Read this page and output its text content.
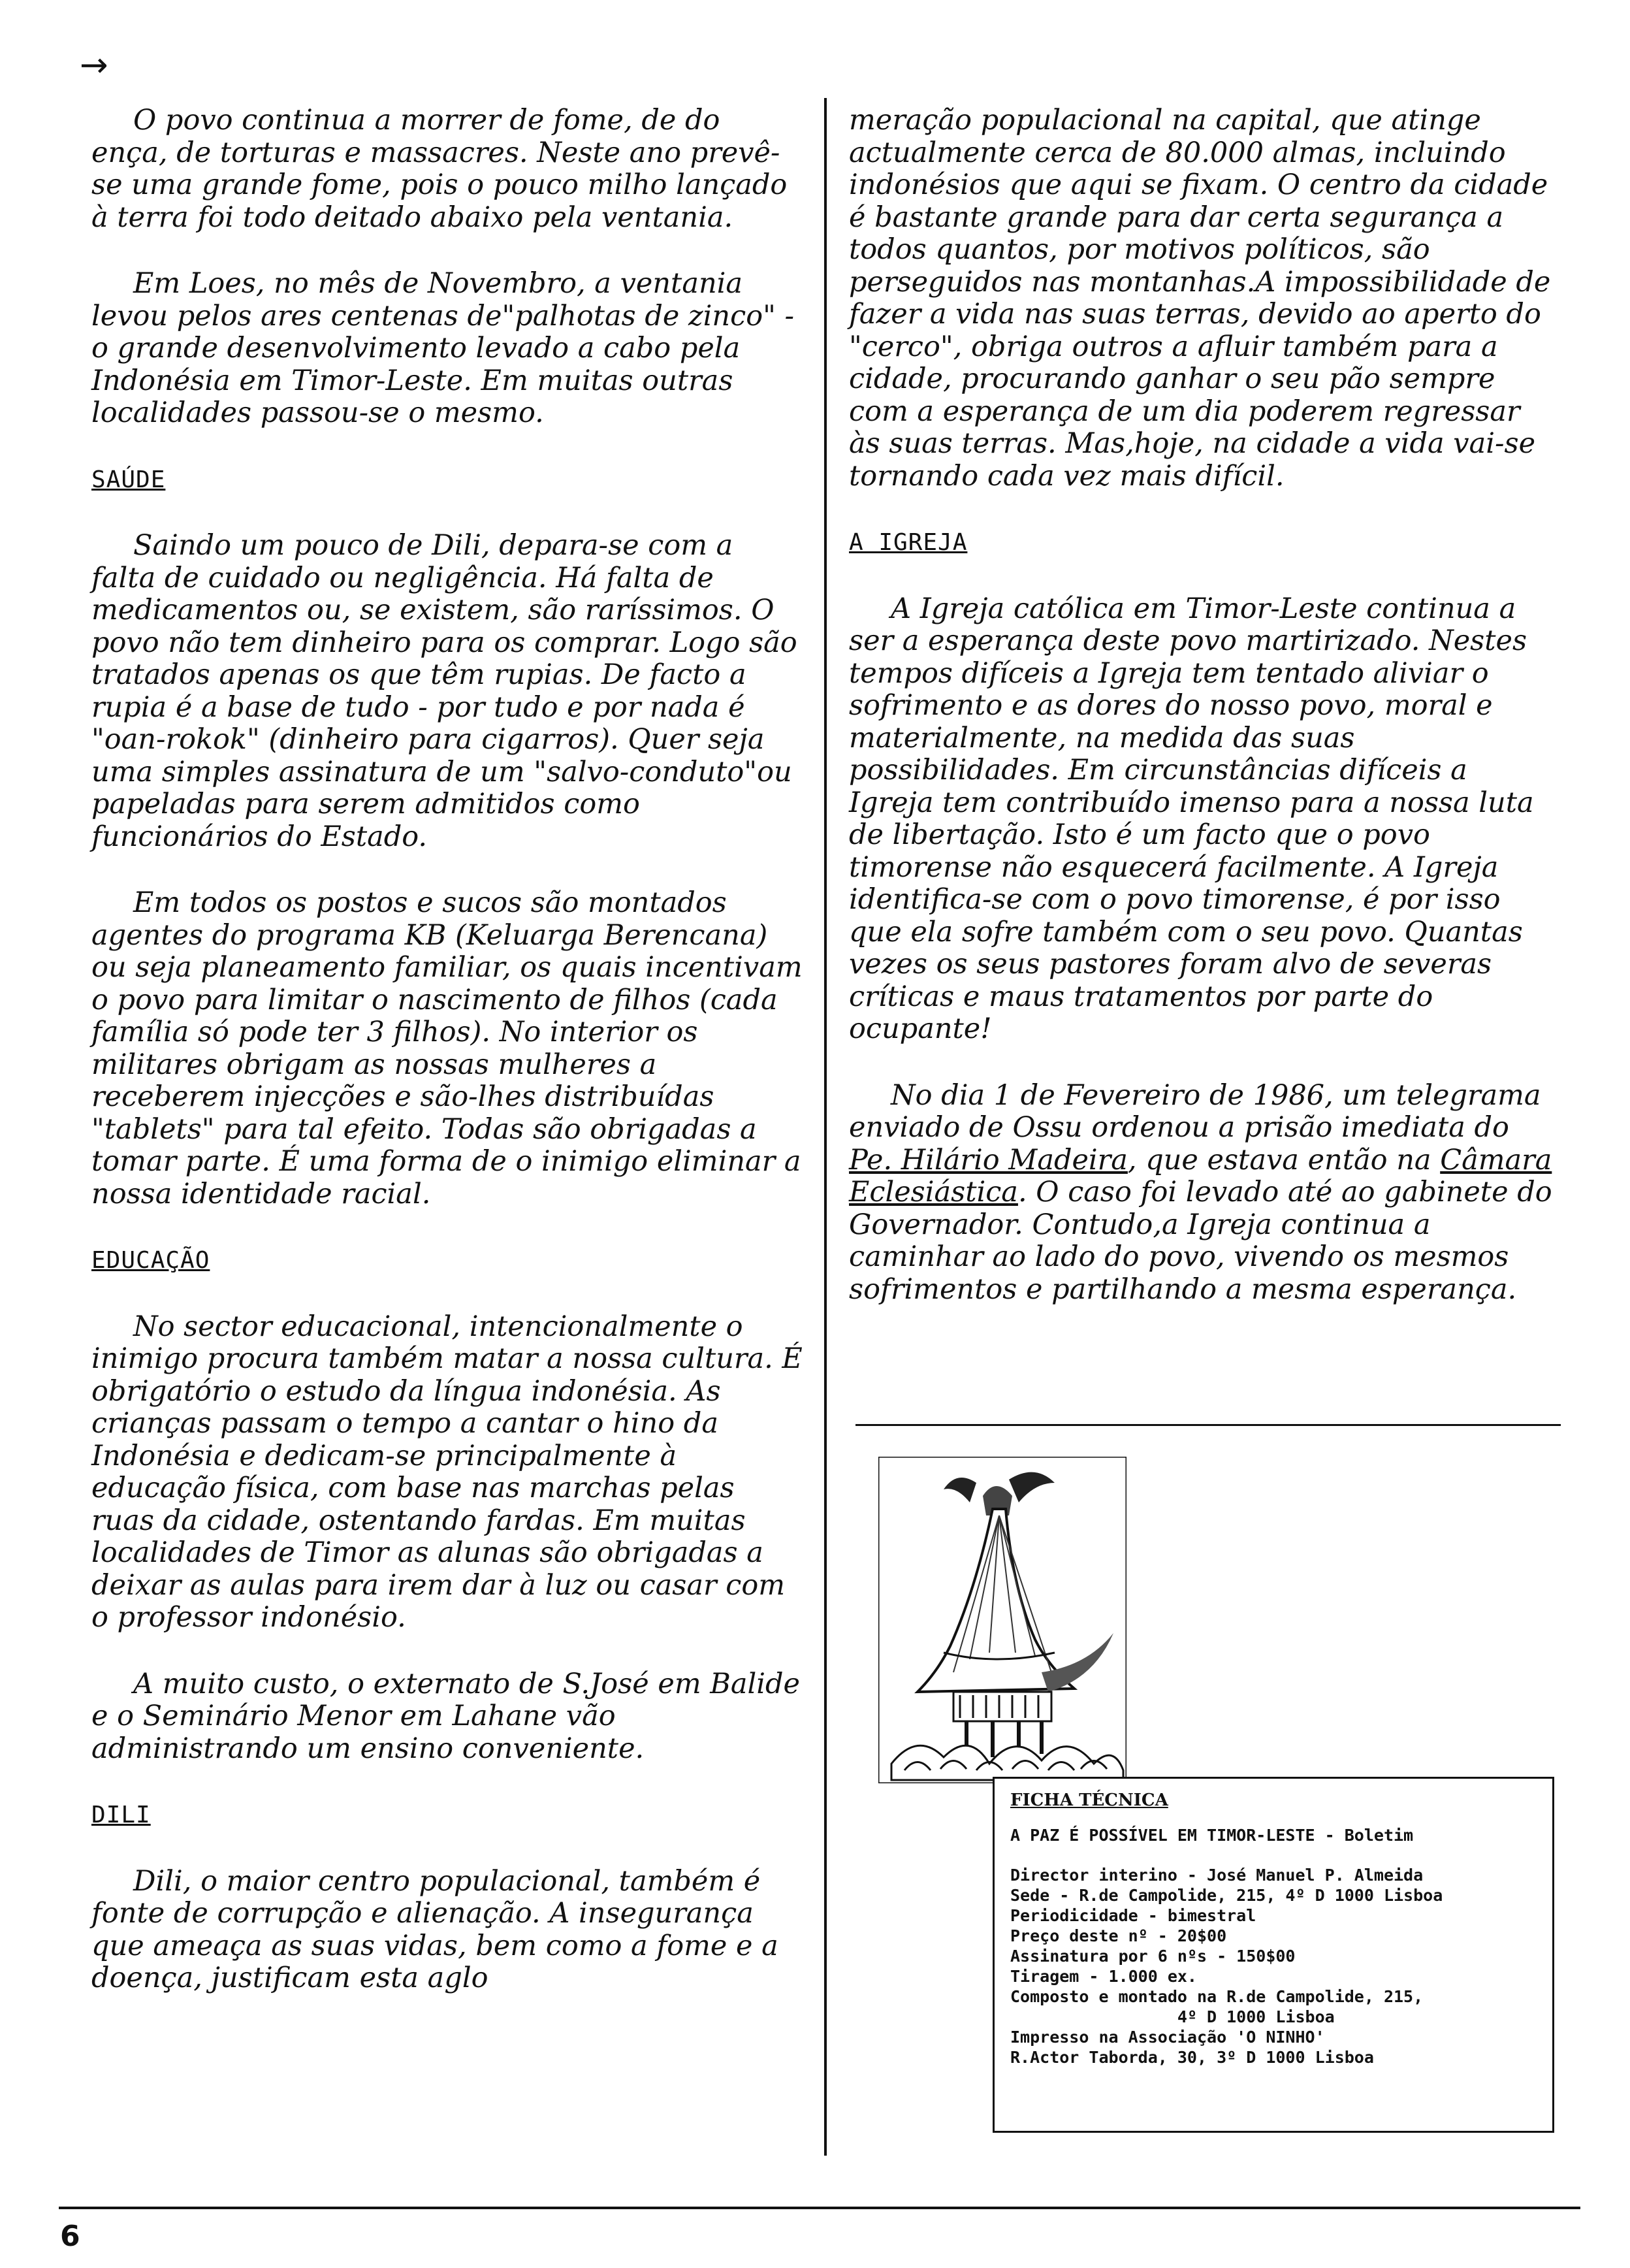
→

O povo continua a morrer de fome, de do ença, de torturas e massacres. Neste ano prevê-se uma grande fome, pois o pouco milho lançado à terra foi todo deitado abaixo pela ventania.

Em Loes, no mês de Novembro, a ventania levou pelos ares centenas de"palhotas de zinco" - o grande desenvolvimento levado a cabo pela Indonésia em Timor-Leste. Em muitas outras localidades passou-se o mesmo.

SAÚDE

Saindo um pouco de Dili, depara-se com a falta de cuidado ou negligência. Há falta de medicamentos ou, se existem, são raríssimos. O povo não tem dinheiro para os comprar. Logo são tratados apenas os que têm rupias. De facto a rupia é a base de tudo - por tudo e por nada é "oan-rokok" (dinheiro para cigarros). Quer seja uma simples assinatura de um "salvo-conduto"ou papeladas para serem admitidos como funcionários do Estado.

Em todos os postos e sucos são montados agentes do programa KB (Keluarga Berencana) ou seja planeamento familiar, os quais incentivam o povo para limitar o nascimento de filhos (cada família só pode ter 3 filhos). No interior os militares obrigam as nossas mulheres a receberem injecções e são-lhes distribuídas "tablets" para tal efeito. Todas são obrigadas a tomar parte. É uma forma de o inimigo eliminar a nossa identidade racial.

EDUCAÇÃO

No sector educacional, intencionalmente o inimigo procura também matar a nossa cultura. É obrigatório o estudo da língua indonésia. As crianças passam o tempo a cantar o hino da Indonésia e dedicam-se principalmente à educação física, com base nas marchas pelas ruas da cidade, ostentando fardas. Em muitas localidades de Timor as alunas são obrigadas a deixar as aulas para irem dar à luz ou casar com o professor indonésio.

A muito custo, o externato de S.José em Balide e o Seminário Menor em Lahane vão administrando um ensino conveniente.

DILI

Dili, o maior centro populacional, também é fonte de corrupção e alienação. A insegurança que ameaça as suas vidas, bem como a fome e a doença, justificam esta aglo

meração populacional na capital, que atinge actualmente cerca de 80.000 almas, incluindo indonésios que aqui se fixam. O centro da cidade é bastante grande para dar certa segurança a todos quantos, por motivos políticos, são perseguidos nas montanhas.A impossibilidade de fazer a vida nas suas terras, devido ao aperto do "cerco", obriga outros a afluir também para a cidade, procurando ganhar o seu pão sempre com a esperança de um dia poderem regressar às suas terras. Mas,hoje, na cidade a vida vai-se tornando cada vez mais difícil.

A IGREJA

A Igreja católica em Timor-Leste continua a ser a esperança deste povo martirizado. Nestes tempos difíceis a Igreja tem tentado aliviar o sofrimento e as dores do nosso povo, moral e materialmente, na medida das suas possibilidades. Em circunstâncias difíceis a Igreja tem contribuído imenso para a nossa luta de libertação. Isto é um facto que o povo timorense não esquecerá facilmente. A Igreja identifica-se com o povo timorense, é por isso que ela sofre também com o seu povo. Quantas vezes os seus pastores foram alvo de severas críticas e maus tratamentos por parte do ocupante!

No dia 1 de Fevereiro de 1986, um telegrama enviado de Ossu ordenou a prisão imediata do Pe. Hilário Madeira, que estava então na Câmara Eclesiástica. O caso foi levado até ao gabinete do Governador. Contudo,a Igreja continua a caminhar ao lado do povo, vivendo os mesmos sofrimentos e partilhando a mesma esperança.

FICHA TÉCNICA
A PAZ É POSSÍVEL EM TIMOR-LESTE - Boletim
Director interino - José Manuel P. Almeida
Sede - R.de Campolide, 215, 4º D 1000 Lisboa
Periodicidade - bimestral
Preço deste nº - 20$00
Assinatura por 6 nºs - 150$00
Tiragem - 1.000 ex.
Composto e montado na R.de Campolide, 215,
4º D 1000 Lisboa
Impresso na Associação 'O NINHO'
R.Actor Taborda, 30, 3º D 1000 Lisboa
6
